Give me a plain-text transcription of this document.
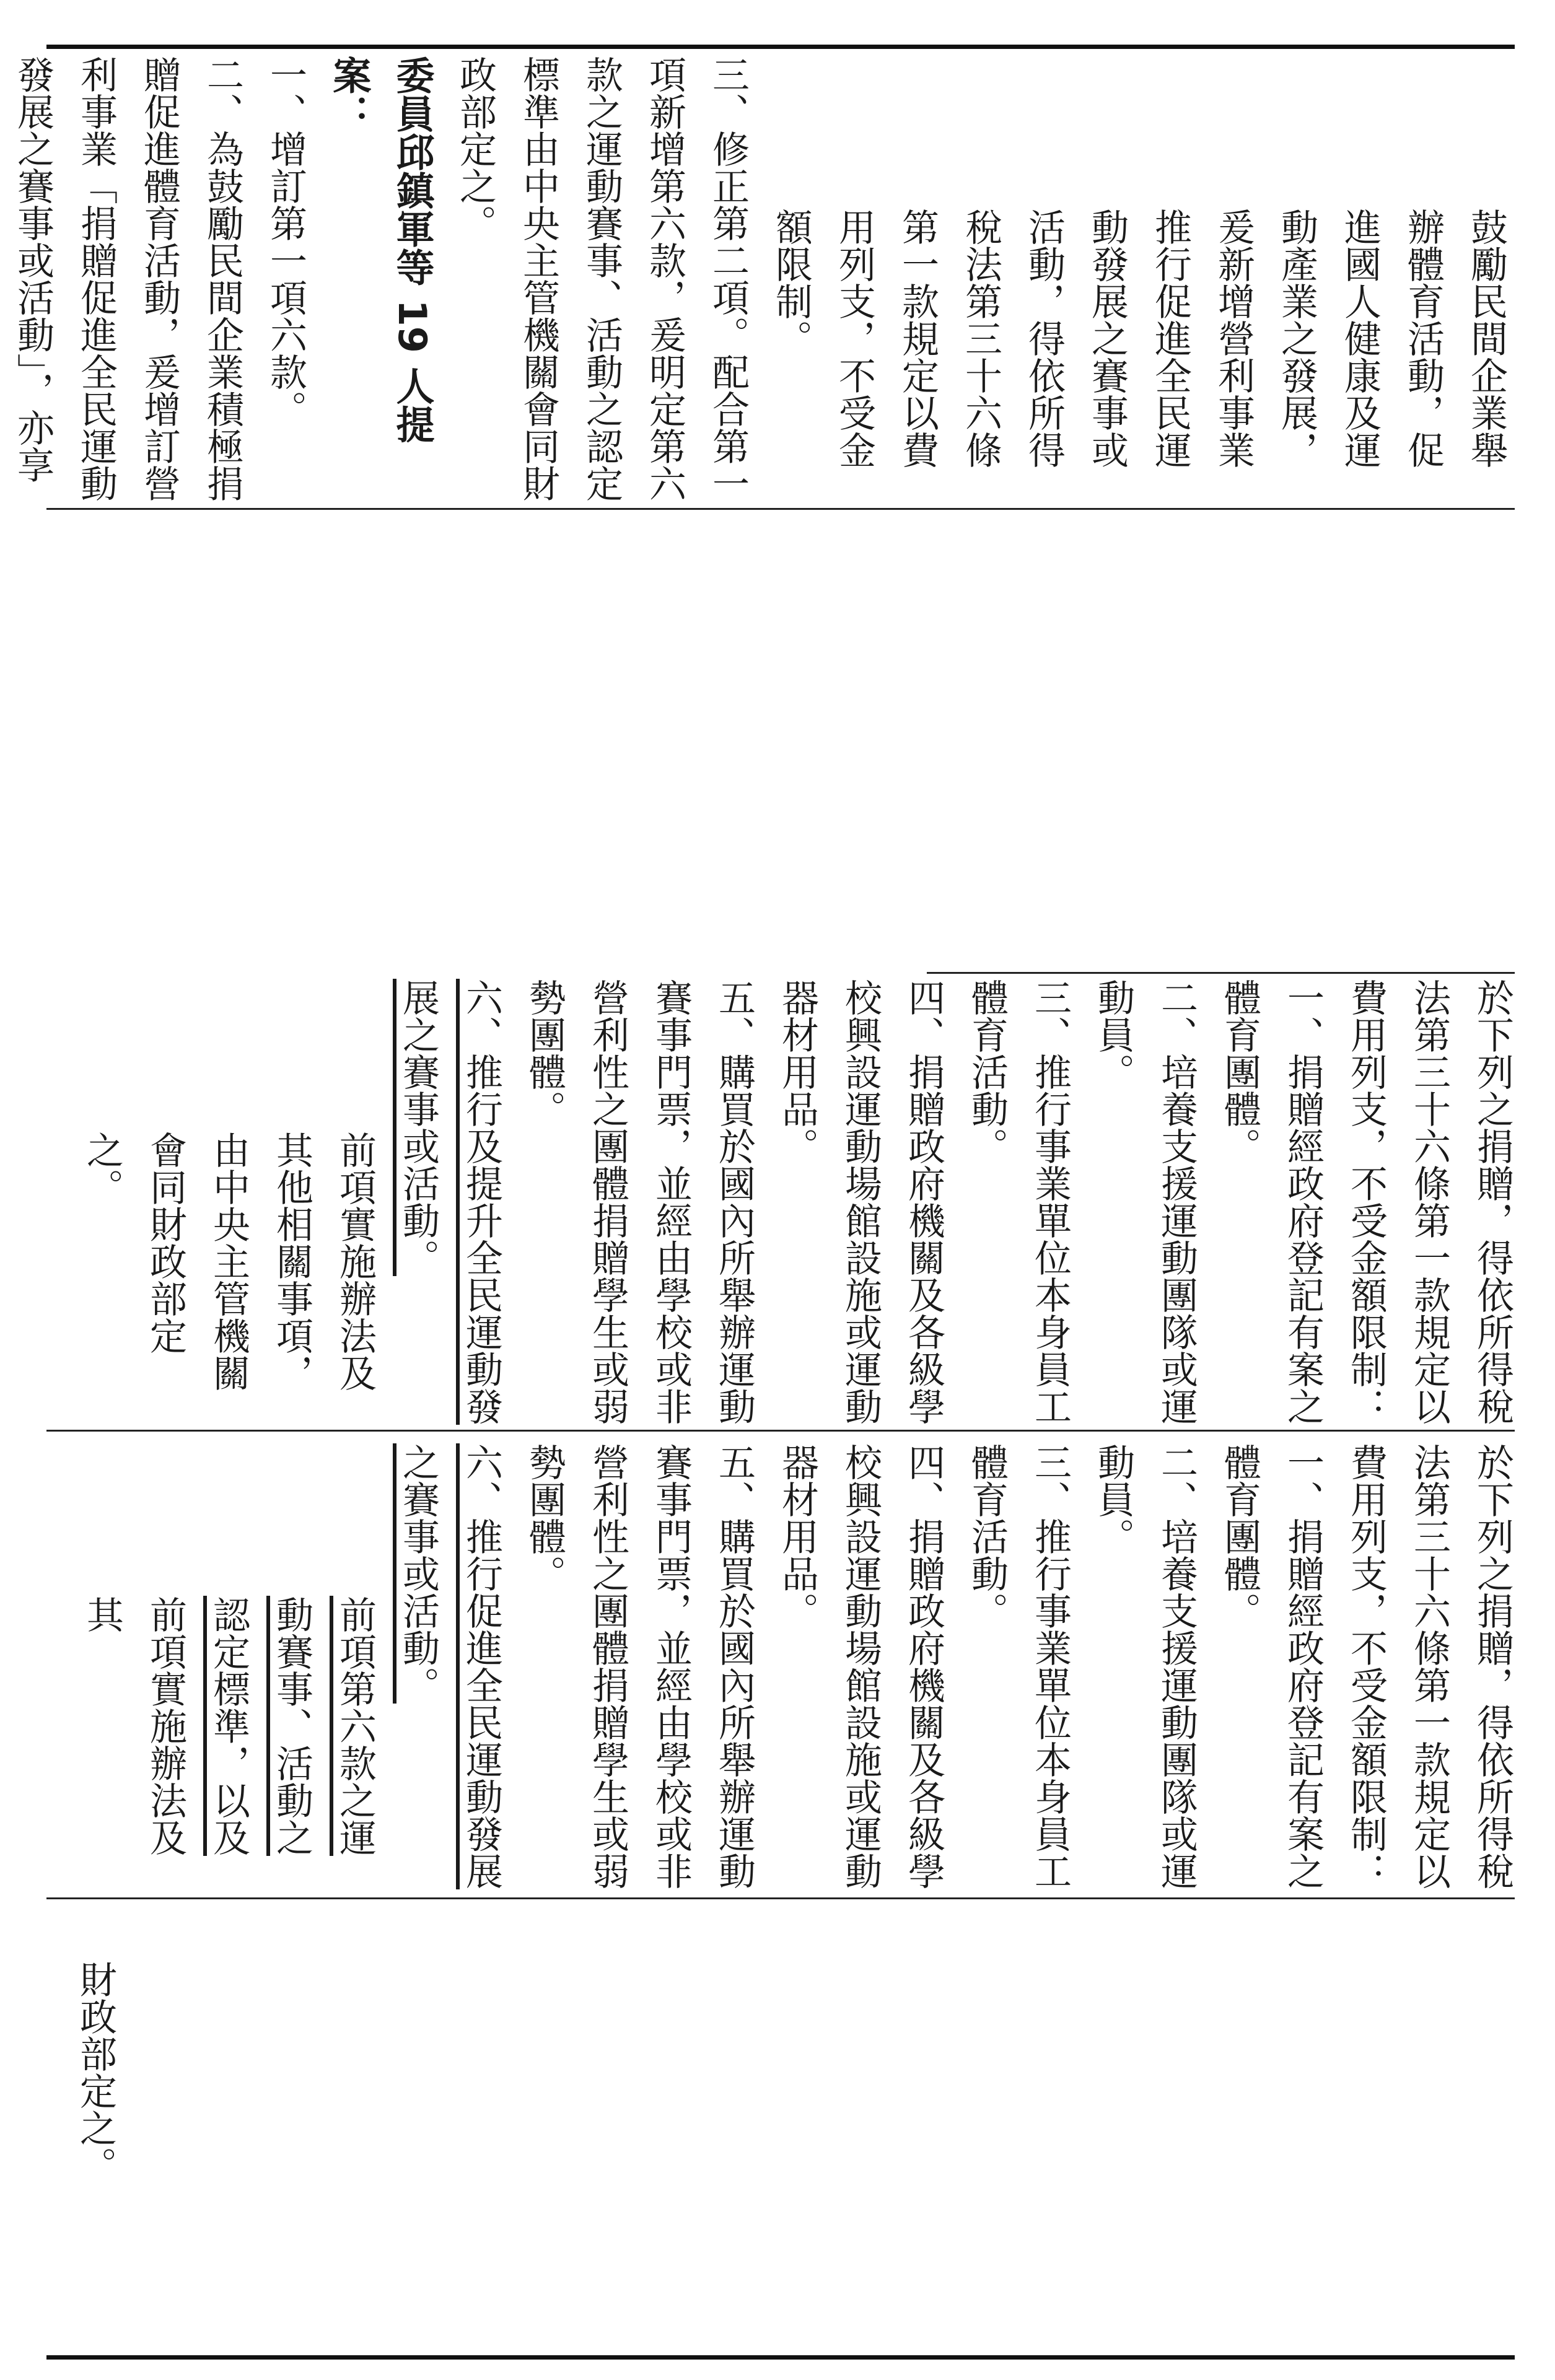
鼓勵民間企業舉辦體育活動，促進國人健康及運動產業之發展，爰新增營利事業推行促進全民運動發展之賽事或活動，得依所得稅法第三十六條第一款規定以費用列支，不受金額限制。

三、修正第二項。配合第一項新增第六款，爰明定第六款之運動賽事、活動之認定標準由中央主管機關會同財政部定之。

委員邱鎮軍等 19 人提案：

一、增訂第一項六款。

二、為鼓勵民間企業積極捐贈促進體育活動，爰增訂營利事業「捐贈促進全民運動發展之賽事或活動」，亦享

於下列之捐贈，得依所得稅法第三十六條第一款規定以費用列支，不受金額限制：

一、捐贈經政府登記有案之體育團體。

二、培養支援運動團隊或運動員。

三、推行事業單位本身員工體育活動。

四、捐贈政府機關及各級學校興設運動場館設施或運動器材用品。

五、購買於國內所舉辦運動賽事門票，並經由學校或非營利性之團體捐贈學生或弱勢團體。

六、推行及提升全民運動發展之賽事或活動。

前項實施辦法及其他相關事項，由中央主管機關會同財政部定之。

於下列之捐贈，得依所得稅法第三十六條第一款規定以費用列支，不受金額限制：

一、捐贈經政府登記有案之體育團體。

二、培養支援運動團隊或運動員。

三、推行事業單位本身員工體育活動。

四、捐贈政府機關及各級學校興設運動場館設施或運動器材用品。

五、購買於國內所舉辦運動賽事門票，並經由學校或非營利性之團體捐贈學生或弱勢團體。

六、推行促進全民運動發展之賽事或活動。

前項第六款之運動賽事、活動之認定標準，以及前項實施辦法及其

財政部定之。
